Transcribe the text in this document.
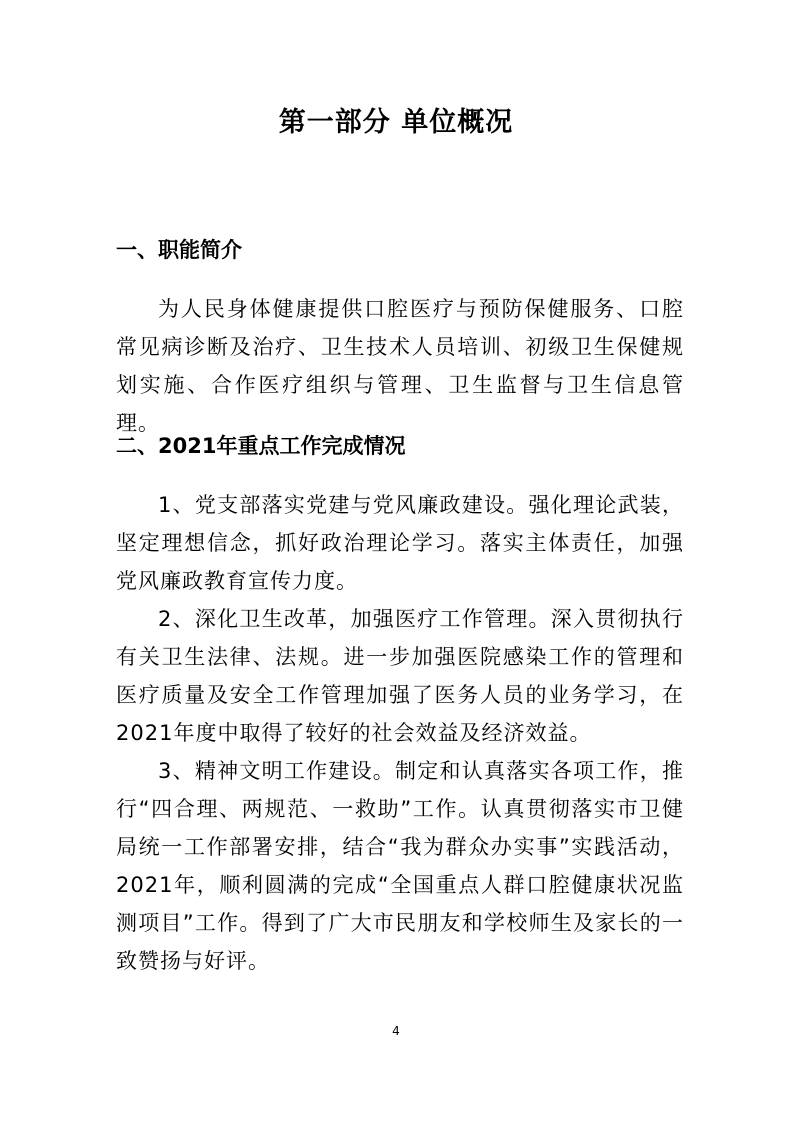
第一部分 单位概况
一、职能简介

为人民身体健康提供口腔医疗与预防保健服务、口腔常见病诊断及治疗、卫生技术人员培训、初级卫生保健规划实施、合作医疗组织与管理、卫生监督与卫生信息管理。

二、2021年重点工作完成情况

1、党支部落实党建与党风廉政建设。强化理论武装，坚定理想信念，抓好政治理论学习。落实主体责任，加强党风廉政教育宣传力度。

2、深化卫生改革，加强医疗工作管理。深入贯彻执行有关卫生法律、法规。进一步加强医院感染工作的管理和医疗质量及安全工作管理加强了医务人员的业务学习，在2021年度中取得了较好的社会效益及经济效益。

3、精神文明工作建设。制定和认真落实各项工作，推行“四合理、两规范、一救助”工作。认真贯彻落实市卫健局统一工作部署安排，结合“我为群众办实事”实践活动，2021年，顺利圆满的完成“全国重点人群口腔健康状况监测项目”工作。得到了广大市民朋友和学校师生及家长的一致赞扬与好评。

4
